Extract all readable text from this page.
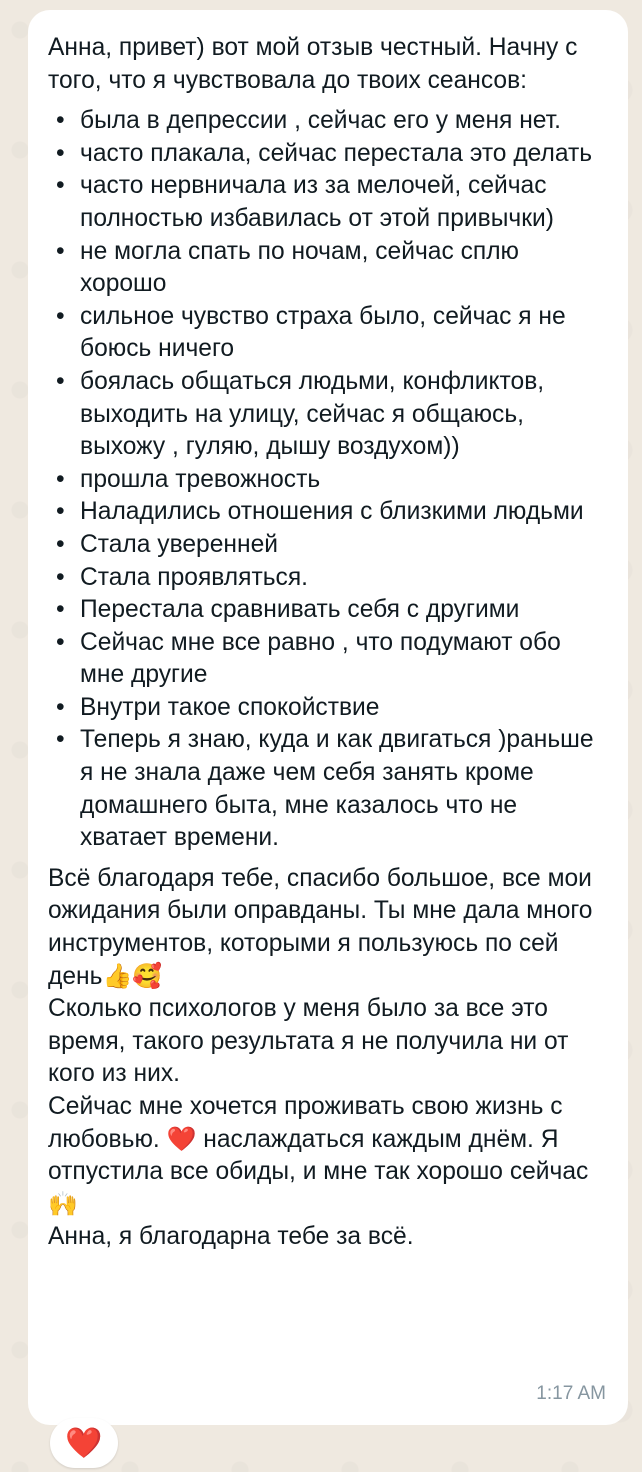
Анна, привет) вот мой отзыв честный. Начну с того, что я чувствовала до твоих сеансов:

• была в депрессии , сейчас его у меня нет.
• часто плакала, сейчас перестала это делать
• часто нервничала из за мелочей, сейчас полностью избавилась от этой привычки)
• не могла спать по ночам, сейчас сплю хорошо
• сильное чувство страха было, сейчас я не боюсь ничего
• боялась общаться людьми, конфликтов, выходить на улицу, сейчас я общаюсь, выхожу , гуляю, дышу воздухом))
• прошла тревожность
• Наладились отношения с близкими людьми
• Стала уверенней
• Стала проявляться.
• Перестала сравнивать себя с другими
• Сейчас мне все равно , что подумают обо мне другие
• Внутри такое спокойствие
• Теперь я знаю, куда и как двигаться )раньше я не знала даже чем себя занять кроме домашнего быта, мне казалось что не хватает времени.

Всё благодаря тебе, спасибо большое, все мои ожидания были оправданы. Ты мне дала много инструментов, которыми я пользуюсь по сей день👍🥰
Сколько психологов у меня было за все это время, такого результата я не получила ни от кого из них.
Сейчас мне хочется проживать свою жизнь с любовью. ❤️ наслаждаться каждым днём. Я отпустила все обиды, и мне так хорошо сейчас🙌
Анна, я благодарна тебе за всё.

1:17 AM
❤️
